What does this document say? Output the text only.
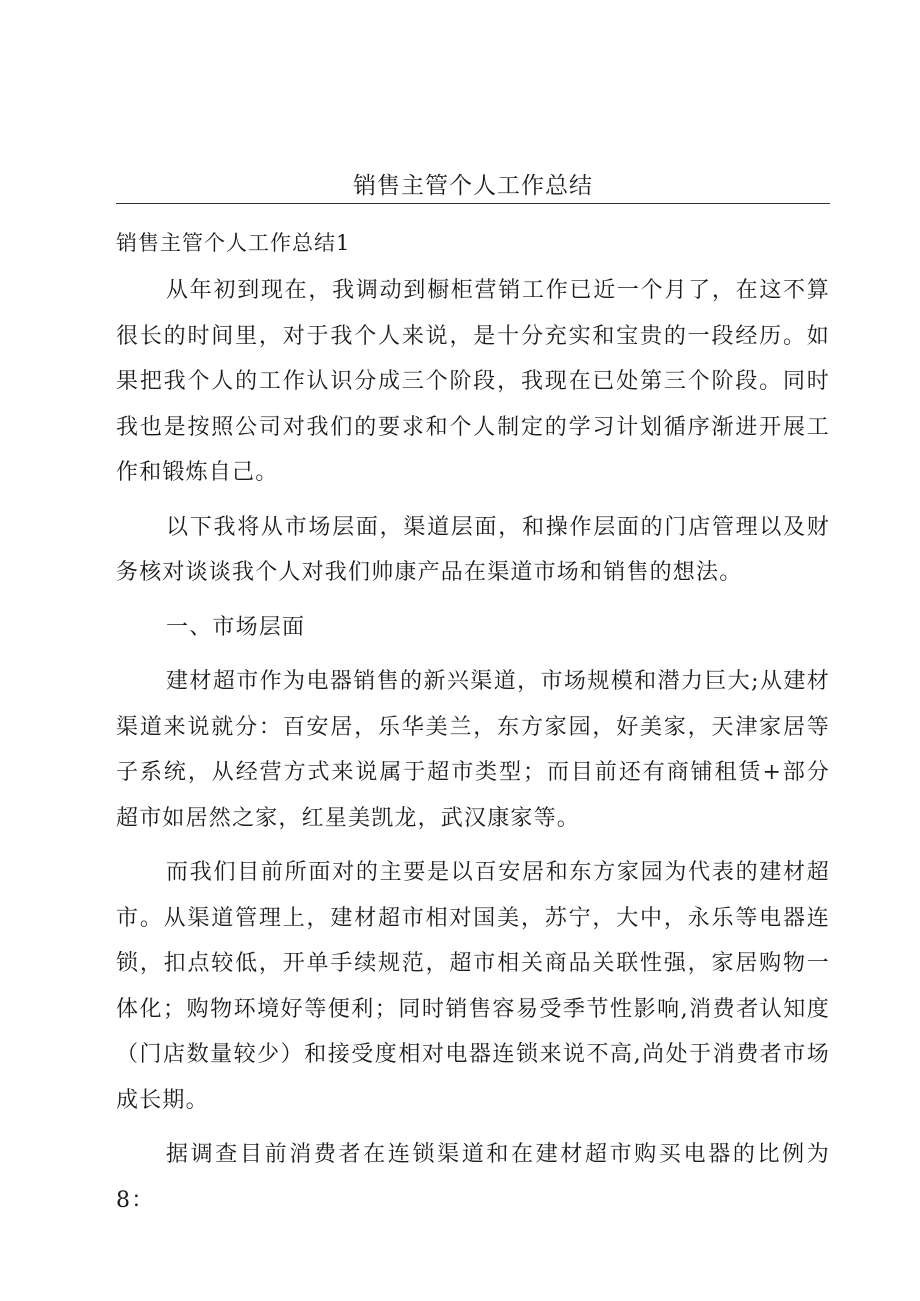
销售主管个人工作总结
销售主管个人工作总结1

从年初到现在，我调动到橱柜营销工作已近一个月了，在这不算很长的时间里，对于我个人来说，是十分充实和宝贵的一段经历。如果把我个人的工作认识分成三个阶段，我现在已处第三个阶段。同时我也是按照公司对我们的要求和个人制定的学习计划循序渐进开展工作和锻炼自己。

以下我将从市场层面，渠道层面，和操作层面的门店管理以及财务核对谈谈我个人对我们帅康产品在渠道市场和销售的想法。

一、市场层面

建材超市作为电器销售的新兴渠道，市场规模和潜力巨大;从建材渠道来说就分：百安居，乐华美兰，东方家园，好美家，天津家居等子系统，从经营方式来说属于超市类型；而目前还有商铺租赁+部分超市如居然之家，红星美凯龙，武汉康家等。

而我们目前所面对的主要是以百安居和东方家园为代表的建材超市。从渠道管理上，建材超市相对国美，苏宁，大中，永乐等电器连锁，扣点较低，开单手续规范，超市相关商品关联性强，家居购物一体化；购物环境好等便利；同时销售容易受季节性影响,消费者认知度（门店数量较少）和接受度相对电器连锁来说不高,尚处于消费者市场成长期。

据调查目前消费者在连锁渠道和在建材超市购买电器的比例为8：
